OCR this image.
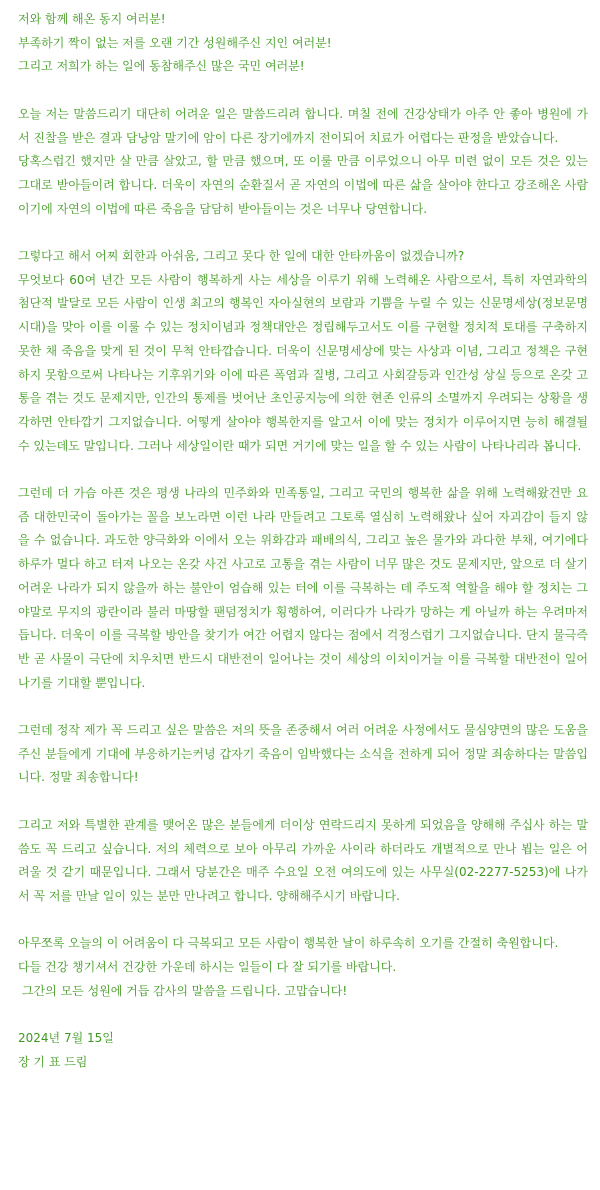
저와 함께 해온 동지 여러분!
부족하기 짝이 없는 저를 오랜 기간 성원해주신 지인 여러분!
그리고 저희가 하는 일에 동참해주신 많은 국민 여러분!
오늘 저는 말씀드리기 대단히 어려운 일은 말씀드리려 합니다. 며칠 전에 건강상태가 아주 안 좋아 병원에 가서 진찰을 받은 결과 담낭암 말기에 암이 다른 장기에까지 전이되어 치료가 어렵다는 판정을 받았습니다.
당혹스럽긴 했지만 살 만큼 살았고, 할 만큼 했으며, 또 이룰 만큼 이루었으니 아무 미련 없이 모든 것은 있는 그대로 받아들이려 합니다. 더욱이 자연의 순환질서 곧 자연의 이법에 따른 삶을 살아야 한다고 강조해온 사람이기에 자연의 이법에 따른 죽음을 담담히 받아들이는 것은 너무나 당연합니다.
그렇다고 해서 어찌 회한과 아쉬움, 그리고 못다 한 일에 대한 안타까움이 없겠습니까?
무엇보다 60여 년간 모든 사람이 행복하게 사는 세상을 이루기 위해 노력해온 사람으로서, 특히 자연과학의 첨단적 발달로 모든 사람이 인생 최고의 행복인 자아실현의 보람과 기쁨을 누릴 수 있는 신문명세상(정보문명시대)을 맞아 이를 이룰 수 있는 정치이념과 정책대안은 정립해두고서도 이를 구현할 정치적 토대를 구축하지 못한 채 죽음을 맞게 된 것이 무척 안타깝습니다. 더욱이 신문명세상에 맞는 사상과 이념, 그리고 정책은 구현하지 못함으로써 나타나는 기후위기와 이에 따른 폭염과 질병, 그리고 사회갈등과 인간성 상실 등으로 온갖 고통을 겪는 것도 문제지만, 인간의 통제를 벗어난 초인공지능에 의한 현존 인류의 소멸까지 우려되는 상황을 생각하면 안타깝기 그지없습니다. 어떻게 살아야 행복한지를 알고서 이에 맞는 정치가 이루어지면 능히 해결될 수 있는데도 말입니다. 그러나 세상일이란 때가 되면 거기에 맞는 일을 할 수 있는 사람이 나타나리라 봅니다.
그런데 더 가슴 아픈 것은 평생 나라의 민주화와 민족통일, 그리고 국민의 행복한 삶을 위해 노력해왔건만 요즘 대한민국이 돌아가는 꼴을 보노라면 이런 나라 만들려고 그토록 열심히 노력해왔나 싶어 자괴감이 들지 않을 수 없습니다. 과도한 양극화와 이에서 오는 위화감과 패배의식, 그리고 높은 물가와 과다한 부채, 여기에다 하루가 멀다 하고 터져 나오는 온갖 사건 사고로 고통을 겪는 사람이 너무 많은 것도 문제지만, 앞으로 더 살기 어려운 나라가 되지 않을까 하는 불안이 엄습해 있는 터에 이를 극복하는 데 주도적 역할을 해야 할 정치는 그야말로 무지의 광란이라 불러 마땅할 팬덤정치가 횡행하여, 이러다가 나라가 망하는 게 아닐까 하는 우려마저 듭니다. 더욱이 이를 극복할 방안을 찾기가 여간 어렵지 않다는 점에서 걱정스럽기 그지없습니다. 단지 물극즉반 곧 사물이 극단에 치우치면 반드시 대반전이 일어나는 것이 세상의 이치이거늘 이를 극복할 대반전이 일어나기를 기대할 뿐입니다.
그런데 정작 제가 꼭 드리고 싶은 말씀은 저의 뜻을 존중해서 여러 어려운 사정에서도 물심양면의 많은 도움을 주신 분들에게 기대에 부응하기는커녕 갑자기 죽음이 임박했다는 소식을 전하게 되어 정말 죄송하다는 말씀입니다. 정말 죄송합니다!
그리고 저와 특별한 관계를 맺어온 많은 분들에게 더이상 연락드리지 못하게 되었음을 양해해 주십사 하는 말씀도 꼭 드리고 싶습니다. 저의 체력으로 보아 아무리 가까운 사이라 하더라도 개별적으로 만나 뵙는 일은 어려울 것 같기 때문입니다. 그래서 당분간은 매주 수요일 오전 여의도에 있는 사무실(02-2277-5253)에 나가서 꼭 저를 만날 일이 있는 분만 만나려고 합니다. 양해해주시기 바랍니다.
아무쪼록 오늘의 이 어려움이 다 극복되고 모든 사람이 행복한 날이 하루속히 오기를 간절히 축원합니다.
다들 건강 챙기셔서 건강한 가운데 하시는 일들이 다 잘 되기를 바랍니다.
그간의 모든 성원에 거듭 감사의 말씀을 드립니다. 고맙습니다!
2024년 7월 15일
장 기 표 드림
